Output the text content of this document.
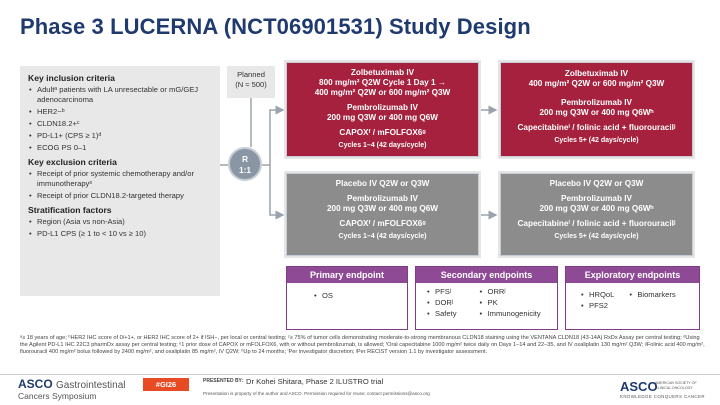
Phase 3 LUCERNA (NCT06901531) Study Design
Key inclusion criteria
• Adultᵃ patients with LA unresectable or mG/GEJ adenocarcinoma
• HER2−ᵇ
• CLDN18.2+ᶜ
• PD-L1+ (CPS ≥ 1)ᵈ
• ECOG PS 0–1
Key exclusion criteria
• Receipt of prior systemic chemotherapy and/or immunotherapyᵉ
• Receipt of prior CLDN18.2-targeted therapy
Stratification factors
• Region (Asia vs non-Asia)
• PD-L1 CPS (≥ 1 to < 10 vs ≥ 10)
Planned
(N ≈ 500)
R
1:1
Zolbetuximab IV
800 mg/m² Q2W Cycle 1 Day 1 →
400 mg/m² Q2W or 600 mg/m² Q3W
Pembrolizumab IV
200 mg Q3W or 400 mg Q6W
CAPOXᶠ / mFOLFOX6ᵍ
Cycles 1–4 (42 days/cycle)
Zolbetuximab IV
400 mg/m² Q2W or 600 mg/m² Q3W
Pembrolizumab IV
200 mg Q3W or 400 mg Q6Wʰ
Capecitabineⁱ / folinic acid + fluorouracilʲ
Cycles 5+ (42 days/cycle)
Placebo IV Q2W or Q3W
Pembrolizumab IV
200 mg Q3W or 400 mg Q6W
CAPOXᶠ / mFOLFOX6ᵍ
Cycles 1–4 (42 days/cycle)
Placebo IV Q2W or Q3W
Pembrolizumab IV
200 mg Q3W or 400 mg Q6Wʰ
Capecitabineⁱ / folinic acid + fluorouracilʲ
Cycles 5+ (42 days/cycle)
Primary endpoint
• OS
Secondary endpoints
• PFSʲ
• DORʲ
• Safety
• ORRʲ
• PK
• Immunogenicity
Exploratory endpoints
• HRQoL
• PFS2
• Biomarkers
ᵃ≥ 18 years of age; ᵇHER2 IHC score of 0/+1+, or HER2 IHC score of 2+ if ISH−, per local or central testing; ᶜ≥ 75% of tumor cells demonstrating moderate-to-strong membranous CLDN18 staining using the VENTANA CLDN18 (43-14A) RxDx Assay per central testing; ᵈUsing the Agilent PD-L1 IHC 22C3 pharmDx assay per central testing; ᵉ1 prior dose of CAPOX or mFOLFOX6, with or without pembrolizumab, is allowed; ᶠOral capecitabine 1000 mg/m² twice daily on Days 1–14 and 22–35, and IV oxaliplatin 130 mg/m² Q3W; ᵍFolinic acid 400 mg/m², fluorouracil 400 mg/m² bolus followed by 2400 mg/m², and oxaliplatin 85 mg/m², IV Q2W; ʰUp to 24 months; ⁱPer investigator discretion; ʲPer RECIST version 1.1 by investigator assessment.
ASCO Gastrointestinal
Cancers Symposium
#GI26	PRESENTED BY: Dr Kohei Shitara, Phase 2 ILUSTRO trial
Presentation is property of the author and ASCO. Permission required for reuse; contact permissions@asco.org	ASCO
AMERICAN SOCIETY OF CLINICAL ONCOLOGY
KNOWLEDGE CONQUERS CANCER
